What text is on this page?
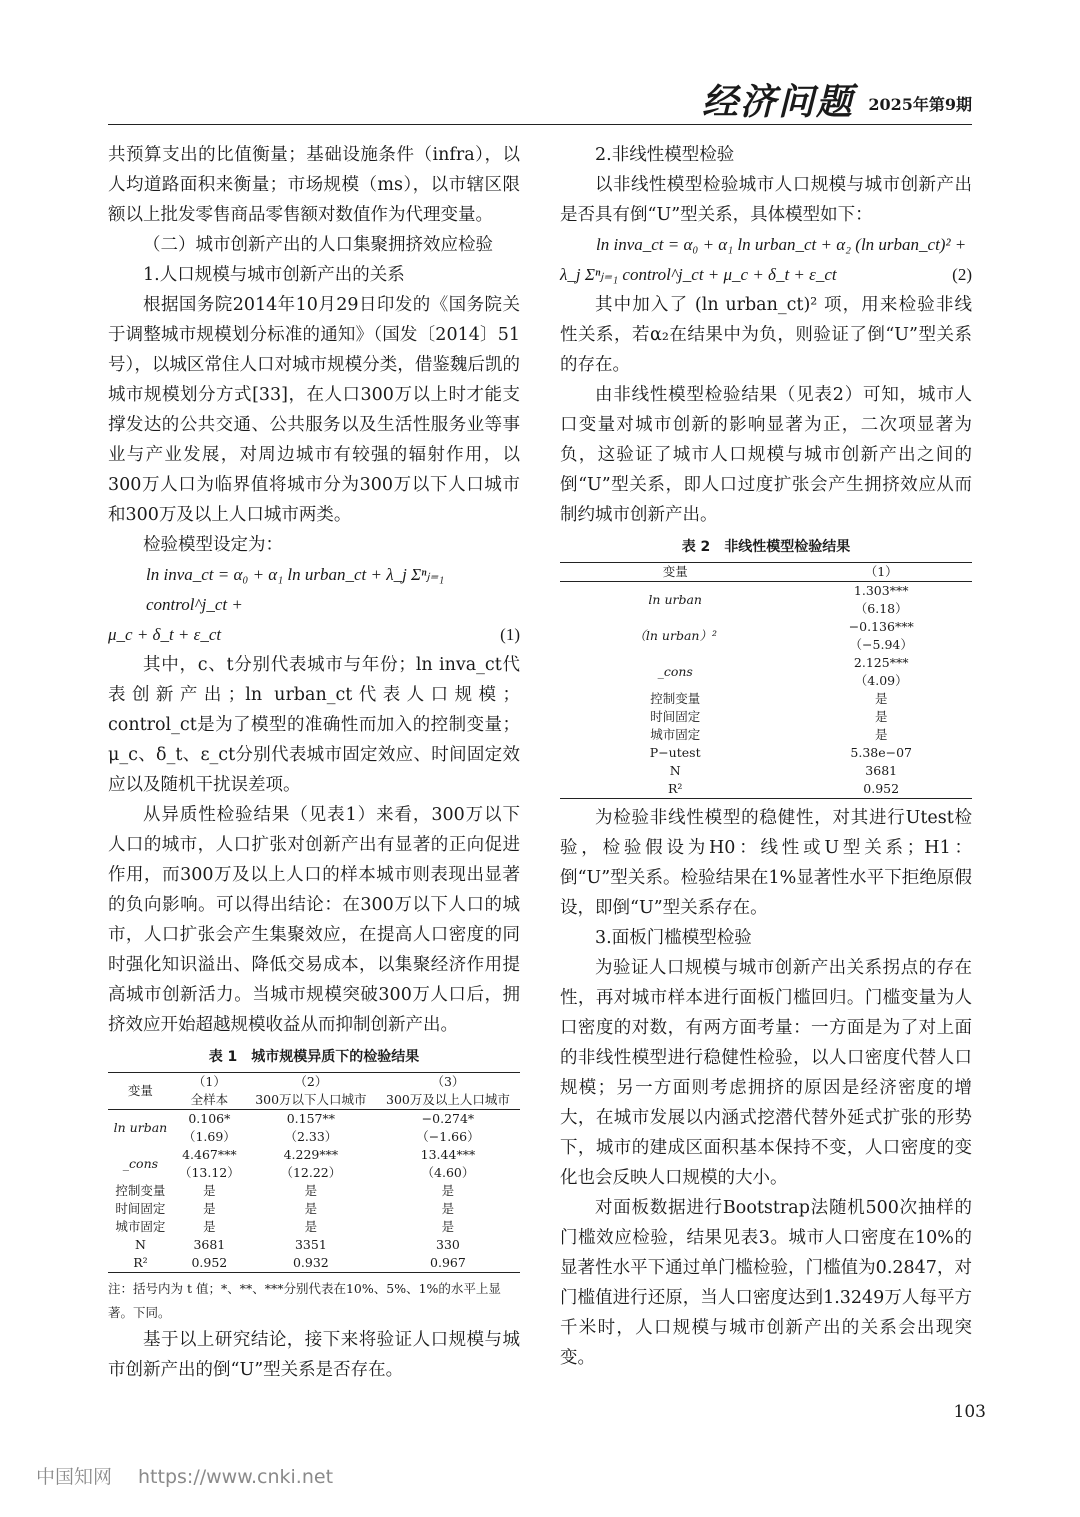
经济问题 2025年第9期

共预算支出的比值衡量；基础设施条件（infra），以人均道路面积来衡量；市场规模（ms），以市辖区限额以上批发零售商品零售额对数值作为代理变量。

（二）城市创新产出的人口集聚拥挤效应检验

1.人口规模与城市创新产出的关系

根据国务院2014年10月29日印发的《国务院关于调整城市规模划分标准的通知》（国发〔2014〕51号），以城区常住人口对城市规模分类，借鉴魏后凯的城市规模划分方式[33]，在人口300万以上时才能支撑发达的公共交通、公共服务以及生活性服务业等事业与产业发展，对周边城市有较强的辐射作用，以300万人口为临界值将城市分为300万以下人口城市和300万及以上人口城市两类。

检验模型设定为：

ln inva_ct = α₀ + α₁ ln urban_ct + λ_j Σⁿⱼ₌₁ control^j_ct +
μ_c + δ_t + ε_ct	(1)

其中，c、t分别代表城市与年份；ln inva_ct代表创新产出；ln urban_ct代表人口规模；control_ct是为了模型的准确性而加入的控制变量；μ_c、δ_t、ε_ct分别代表城市固定效应、时间固定效应以及随机干扰误差项。

从异质性检验结果（见表1）来看，300万以下人口的城市，人口扩张对创新产出有显著的正向促进作用，而300万及以上人口的样本城市则表现出显著的负向影响。可以得出结论：在300万以下人口的城市，人口扩张会产生集聚效应，在提高人口密度的同时强化知识溢出、降低交易成本，以集聚经济作用提高城市创新活力。当城市规模突破300万人口后，拥挤效应开始超越规模收益从而抑制创新产出。

表 1　城市规模异质下的检验结果
变量	（1）	（2）	（3）
	全样本	300万以下人口城市	300万及以上人口城市
ln urban	0.106*	0.157**	−0.274*
	（1.69）	（2.33）	（−1.66）
_cons	4.467***	4.229***	13.44***
	（13.12）	（12.22）	（4.60）
控制变量	是	是	是
时间固定	是	是	是
城市固定	是	是	是
N	3681	3351	330
R²	0.952	0.932	0.967
注：括号内为 t 值；*、**、***分别代表在10%、5%、1%的水平上显著。下同。

基于以上研究结论，接下来将验证人口规模与城市创新产出的倒“U”型关系是否存在。

2.非线性模型检验

以非线性模型检验城市人口规模与城市创新产出是否具有倒“U”型关系，具体模型如下：

ln inva_ct = α₀ + α₁ ln urban_ct + α₂ (ln urban_ct)² +
λ_j Σⁿⱼ₌₁ control^j_ct + μ_c + δ_t + ε_ct	(2)

其中加入了 (ln urban_ct)² 项，用来检验非线性关系，若α₂在结果中为负，则验证了倒“U”型关系的存在。

由非线性模型检验结果（见表2）可知，城市人口变量对城市创新的影响显著为正，二次项显著为负，这验证了城市人口规模与城市创新产出之间的倒“U”型关系，即人口过度扩张会产生拥挤效应从而制约城市创新产出。

表 2　非线性模型检验结果
变量	（1）
ln urban	1.303***
	（6.18）
（ln urban）²	−0.136***
	（−5.94）
_cons	2.125***
	（4.09）
控制变量	是
时间固定	是
城市固定	是
P−utest	5.38e−07
N	3681
R²	0.952

为检验非线性模型的稳健性，对其进行Utest检验，检验假设为H0：线性或U型关系；H1：倒“U”型关系。检验结果在1%显著性水平下拒绝原假设，即倒“U”型关系存在。

3.面板门槛模型检验

为验证人口规模与城市创新产出关系拐点的存在性，再对城市样本进行面板门槛回归。门槛变量为人口密度的对数，有两方面考量：一方面是为了对上面的非线性模型进行稳健性检验，以人口密度代替人口规模；另一方面则考虑拥挤的原因是经济密度的增大，在城市发展以内涵式挖潜代替外延式扩张的形势下，城市的建成区面积基本保持不变，人口密度的变化也会反映人口规模的大小。

对面板数据进行Bootstrap法随机500次抽样的门槛效应检验，结果见表3。城市人口密度在10%的显著性水平下通过单门槛检验，门槛值为0.2847，对门槛值进行还原，当人口密度达到1.3249万人每平方千米时，人口规模与城市创新产出的关系会出现突变。

103
中国知网 https://www.cnki.net
